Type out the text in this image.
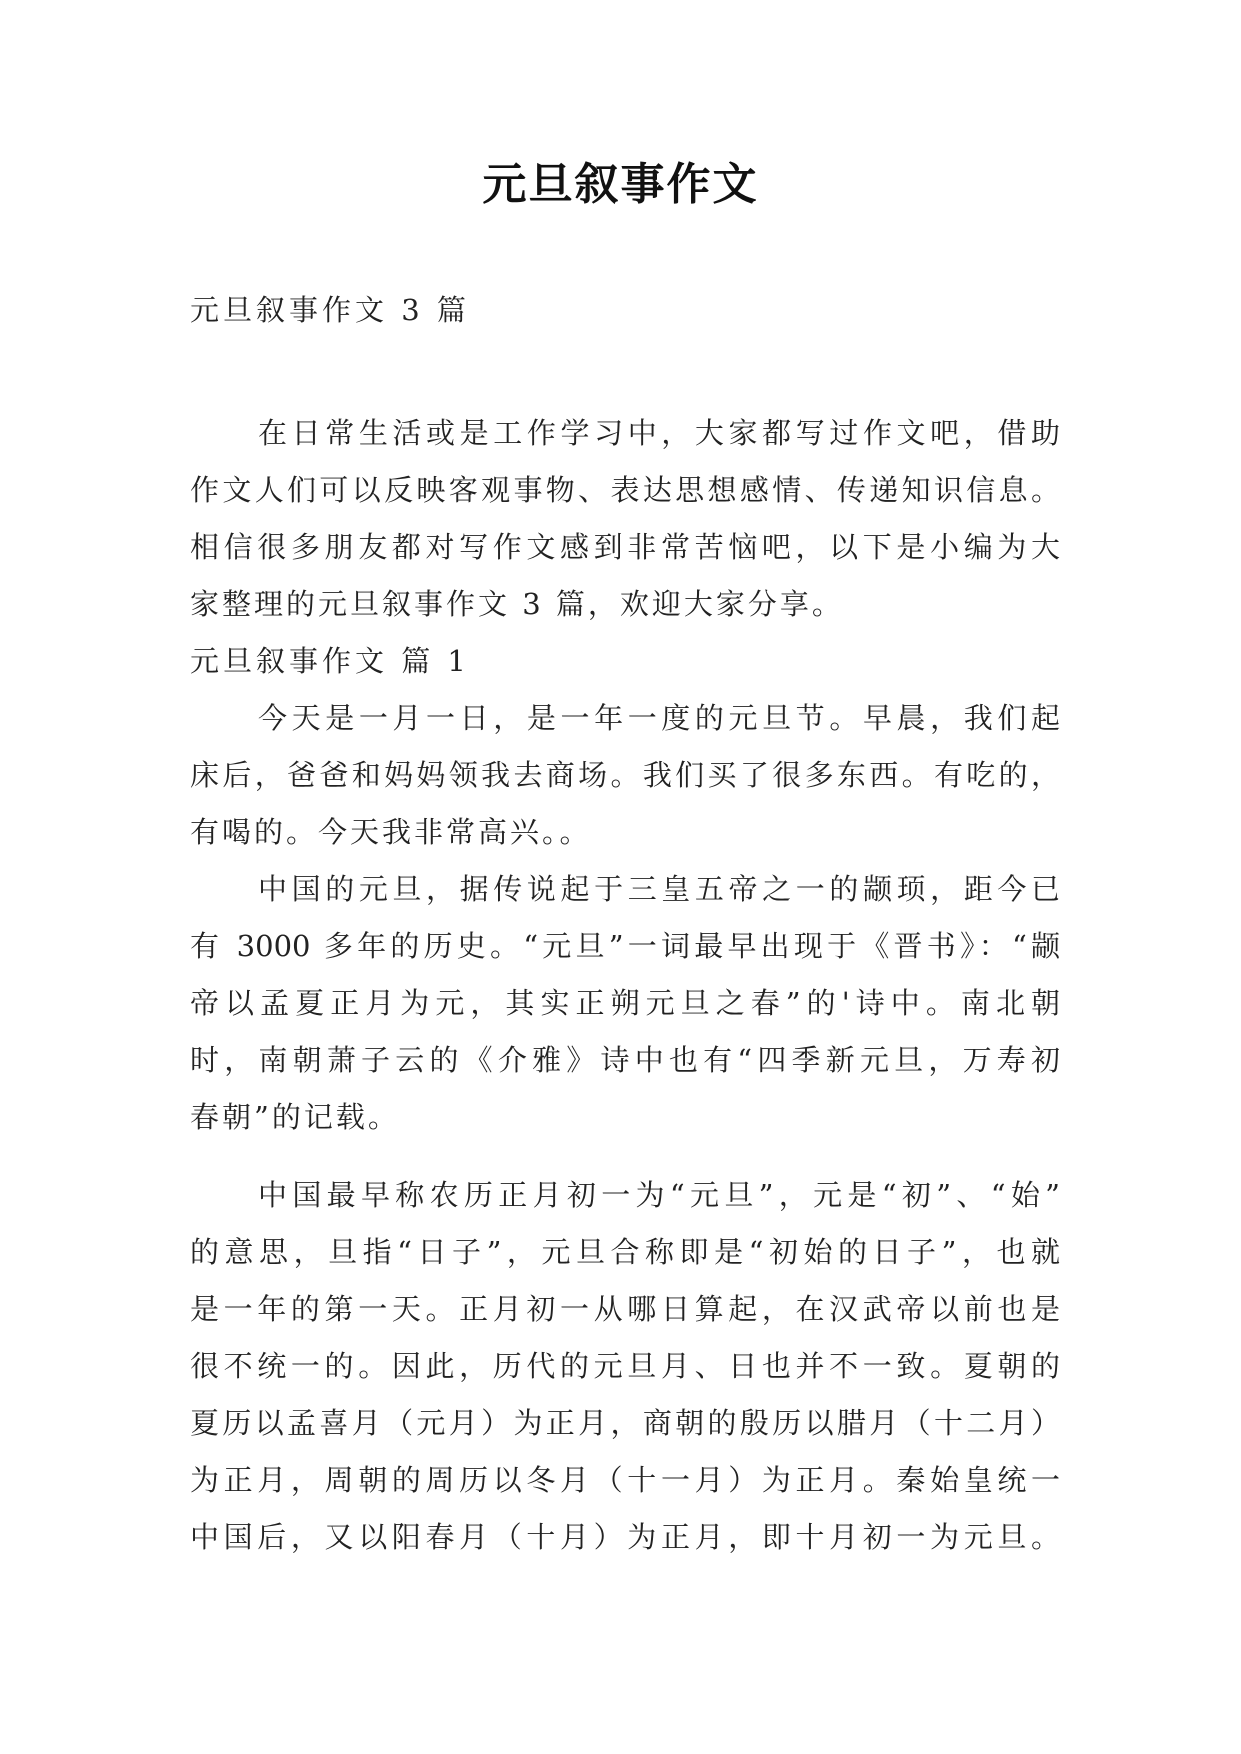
元旦叙事作文
元旦叙事作文 3 篇
在日常生活或是工作学习中，大家都写过作文吧，借助
作文人们可以反映客观事物、表达思想感情、传递知识信息。
相信很多朋友都对写作文感到非常苦恼吧，以下是小编为大
家整理的元旦叙事作文 3 篇，欢迎大家分享。
元旦叙事作文 篇 1
今天是一月一日，是一年一度的元旦节。早晨，我们起
床后，爸爸和妈妈领我去商场。我们买了很多东西。有吃的，
有喝的。今天我非常高兴。。
中国的元旦，据传说起于三皇五帝之一的颛顼，距今已
有 3000 多年的历史。“元旦”一词最早出现于《晋书》：“颛
帝以孟夏正月为元，其实正朔元旦之春”的'诗中。南北朝
时，南朝萧子云的《介雅》诗中也有“四季新元旦，万寿初
春朝”的记载。
中国最早称农历正月初一为“元旦”，元是“初”、“始”
的意思，旦指“日子”，元旦合称即是“初始的日子”，也就
是一年的第一天。正月初一从哪日算起，在汉武帝以前也是
很不统一的。因此，历代的元旦月、日也并不一致。夏朝的
夏历以孟喜月（元月）为正月，商朝的殷历以腊月（十二月）
为正月，周朝的周历以冬月（十一月）为正月。秦始皇统一
中国后，又以阳春月（十月）为正月，即十月初一为元旦。
